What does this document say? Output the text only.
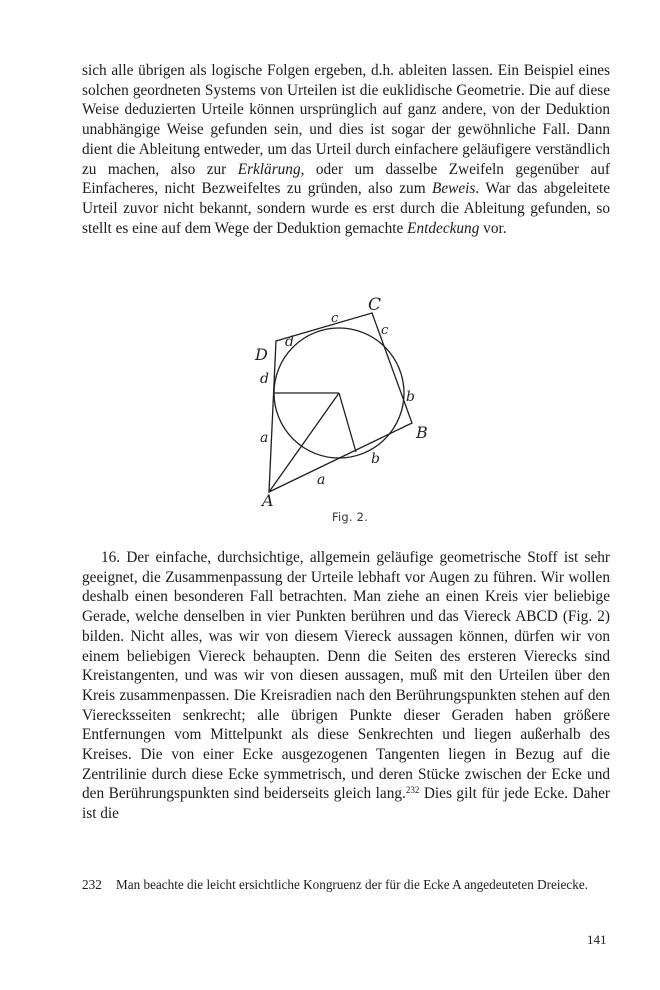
sich alle übrigen als logische Folgen ergeben, d.h. ableiten lassen. Ein Beispiel eines solchen geordneten Systems von Urteilen ist die euklidische Geometrie. Die auf diese Weise deduzierten Urteile können ursprünglich auf ganz andere, von der Deduktion unabhängige Weise gefunden sein, und dies ist sogar der gewöhnliche Fall. Dann dient die Ableitung entweder, um das Urteil durch einfachere geläufigere verständlich zu machen, also zur Erklärung, oder um dasselbe Zweifeln gegenüber auf Einfacheres, nicht Bezweifeltes zu gründen, also zum Beweis. War das abgeleitete Urteil zuvor nicht bekannt, sondern wurde es erst durch die Ableitung gefunden, so stellt es eine auf dem Wege der Deduktion gemachte Entdeckung vor.

C
D
B
A
d
d
c
c
b
b
a
a
Fig. 2.

16. Der einfache, durchsichtige, allgemein geläufige geometrische Stoff ist sehr geeignet, die Zusammenpassung der Urteile lebhaft vor Augen zu führen. Wir wollen deshalb einen besonderen Fall betrachten. Man ziehe an einen Kreis vier beliebige Gerade, welche denselben in vier Punkten berühren und das Viereck ABCD (Fig. 2) bilden. Nicht alles, was wir von diesem Viereck aussagen können, dürfen wir von einem beliebigen Viereck behaupten. Denn die Seiten des ersteren Vierecks sind Kreistangenten, und was wir von diesen aussagen, muß mit den Urteilen über den Kreis zusammenpassen. Die Kreisradien nach den Berührungspunkten stehen auf den Vierecksseiten senkrecht; alle übrigen Punkte dieser Geraden haben größere Entfernungen vom Mittelpunkt als diese Senkrechten und liegen außerhalb des Kreises. Die von einer Ecke ausgezogenen Tangenten liegen in Bezug auf die Zentrilinie durch diese Ecke symmetrisch, und deren Stücke zwischen der Ecke und den Berührungspunkten sind beiderseits gleich lang.$^{232}$ Dies gilt für jede Ecke. Daher ist die

232 Man beachte die leicht ersichtliche Kongruenz der für die Ecke A angedeuteten Dreiecke.
141
